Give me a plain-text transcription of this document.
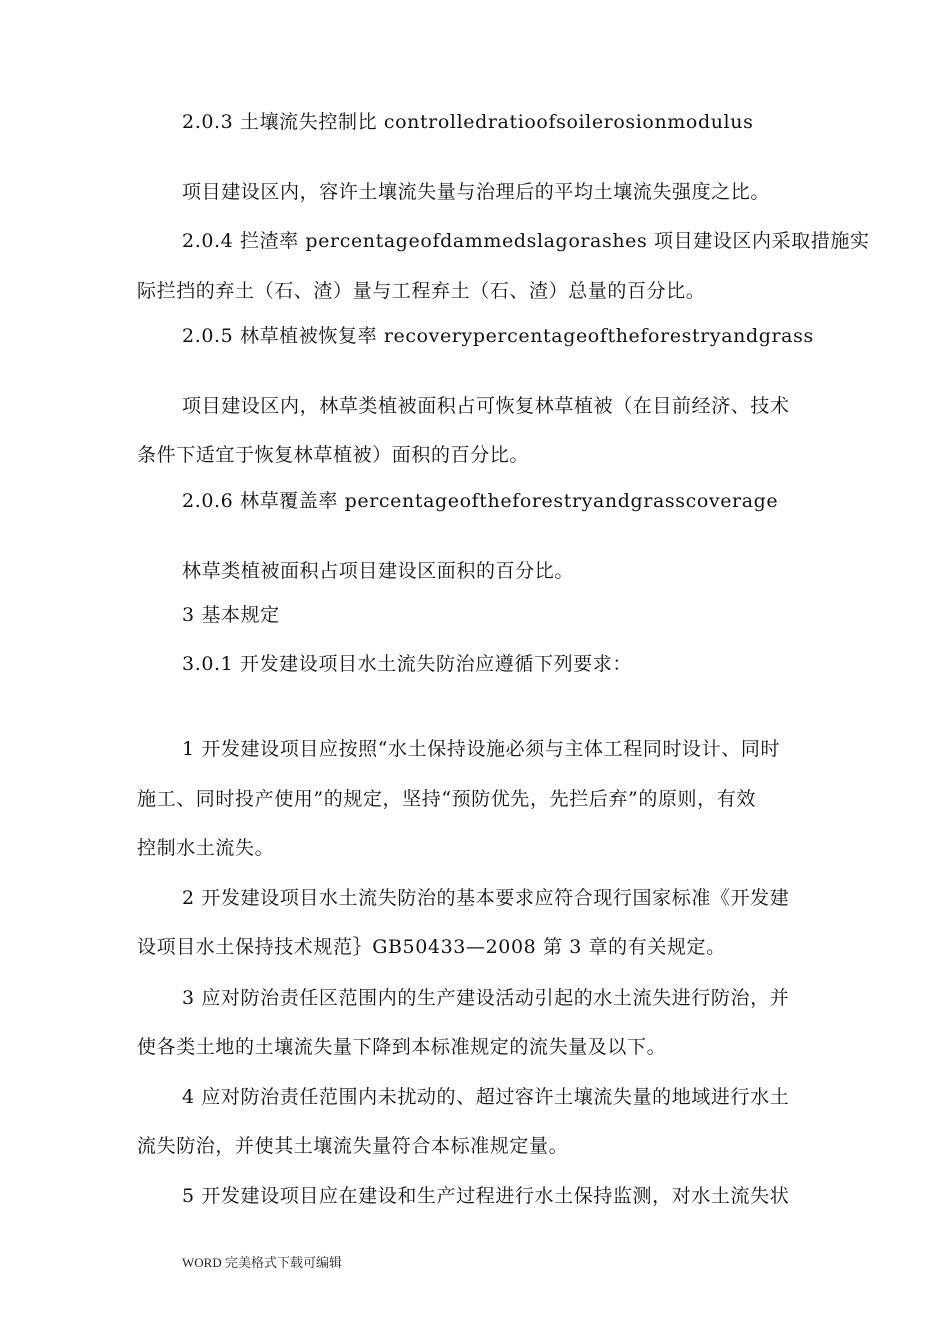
2.0.3 土壤流失控制比 controlledratioofsoilerosionmodulus
项目建设区内，容许土壤流失量与治理后的平均土壤流失强度之比。
2.0.4 拦渣率 percentageofdammedslagorashes 项目建设区内采取措施实
际拦挡的弃土（石、渣）量与工程弃土（石、渣）总量的百分比。
2.0.5 林草植被恢复率 recoverypercentageoftheforestryandgrass
项目建设区内，林草类植被面积占可恢复林草植被（在目前经济、技术
条件下适宜于恢复林草植被）面积的百分比。
2.0.6 林草覆盖率 percentageoftheforestryandgrasscoverage
林草类植被面积占项目建设区面积的百分比。
3 基本规定
3.0.1 开发建设项目水土流失防治应遵循下列要求：
1 开发建设项目应按照“水土保持设施必须与主体工程同时设计、同时
施工、同时投产使用”的规定，坚持“预防优先，先拦后弃”的原则，有效
控制水土流失。
2 开发建设项目水土流失防治的基本要求应符合现行国家标准《开发建
设项目水土保持技术规范｝GB50433—2008 第 3 章的有关规定。
3 应对防治责任区范围内的生产建设活动引起的水土流失进行防治，并
使各类土地的土壤流失量下降到本标准规定的流失量及以下。
4 应对防治责任范围内未扰动的、超过容许土壤流失量的地域进行水土
流失防治，并使其土壤流失量符合本标准规定量。
5 开发建设项目应在建设和生产过程进行水土保持监测，对水土流失状
WORD 完美格式下载可编辑
